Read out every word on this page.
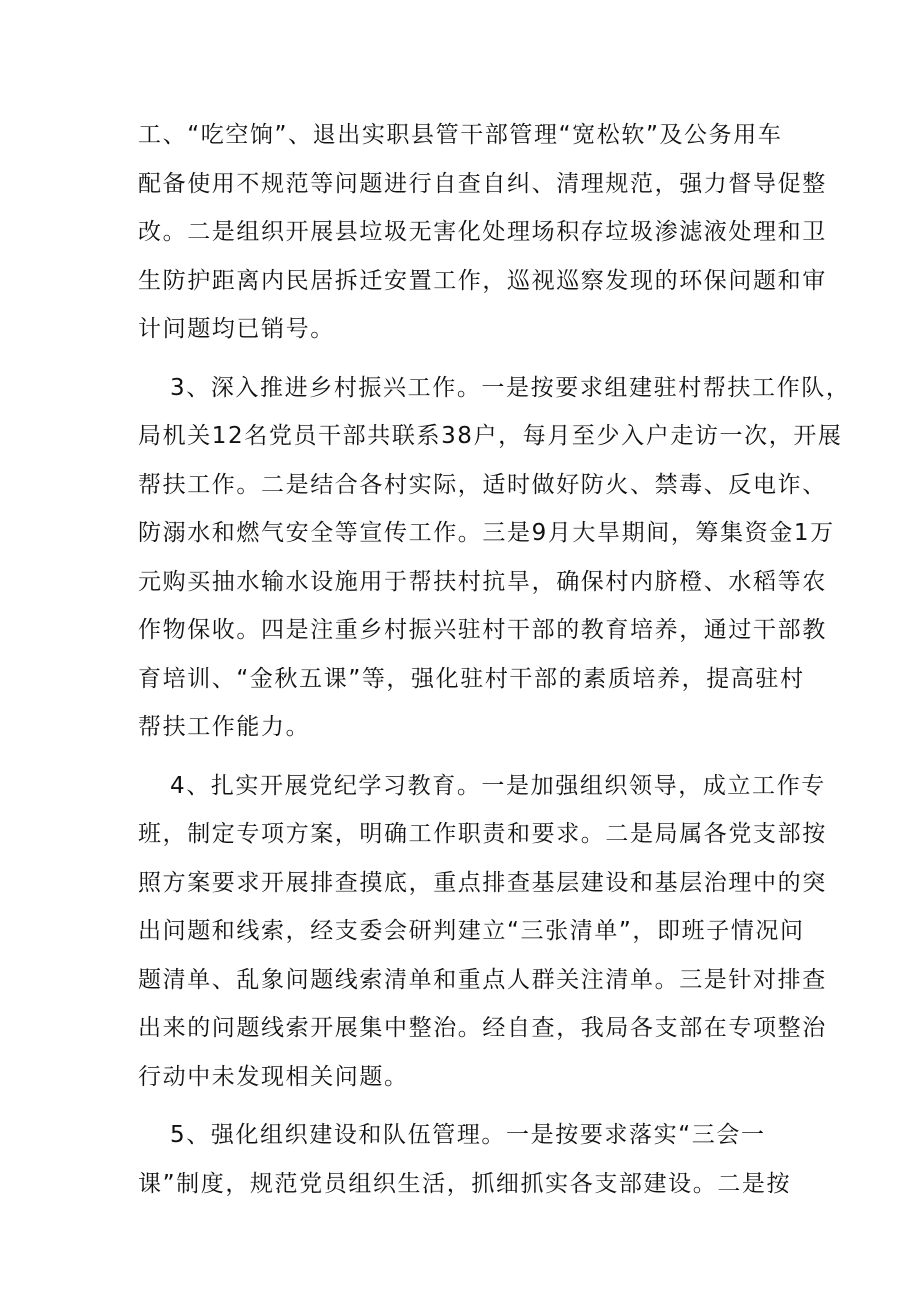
工、“吃空饷”、退出实职县管干部管理“宽松软”及公务用车
配备使用不规范等问题进行自查自纠、清理规范，强力督导促整
改。二是组织开展县垃圾无害化处理场积存垃圾渗滤液处理和卫
生防护距离内民居拆迁安置工作，巡视巡察发现的环保问题和审
计问题均已销号。
3、深入推进乡村振兴工作。一是按要求组建驻村帮扶工作队，
局机关12名党员干部共联系38户，每月至少入户走访一次，开展
帮扶工作。二是结合各村实际，适时做好防火、禁毒、反电诈、
防溺水和燃气安全等宣传工作。三是9月大旱期间，筹集资金1万
元购买抽水输水设施用于帮扶村抗旱，确保村内脐橙、水稻等农
作物保收。四是注重乡村振兴驻村干部的教育培养，通过干部教
育培训、“金秋五课”等，强化驻村干部的素质培养，提高驻村
帮扶工作能力。
4、扎实开展党纪学习教育。一是加强组织领导，成立工作专
班，制定专项方案，明确工作职责和要求。二是局属各党支部按
照方案要求开展排查摸底，重点排查基层建设和基层治理中的突
出问题和线索，经支委会研判建立“三张清单”，即班子情况问
题清单、乱象问题线索清单和重点人群关注清单。三是针对排查
出来的问题线索开展集中整治。经自查，我局各支部在专项整治
行动中未发现相关问题。
5、强化组织建设和队伍管理。一是按要求落实“三会一
课”制度，规范党员组织生活，抓细抓实各支部建设。二是按
